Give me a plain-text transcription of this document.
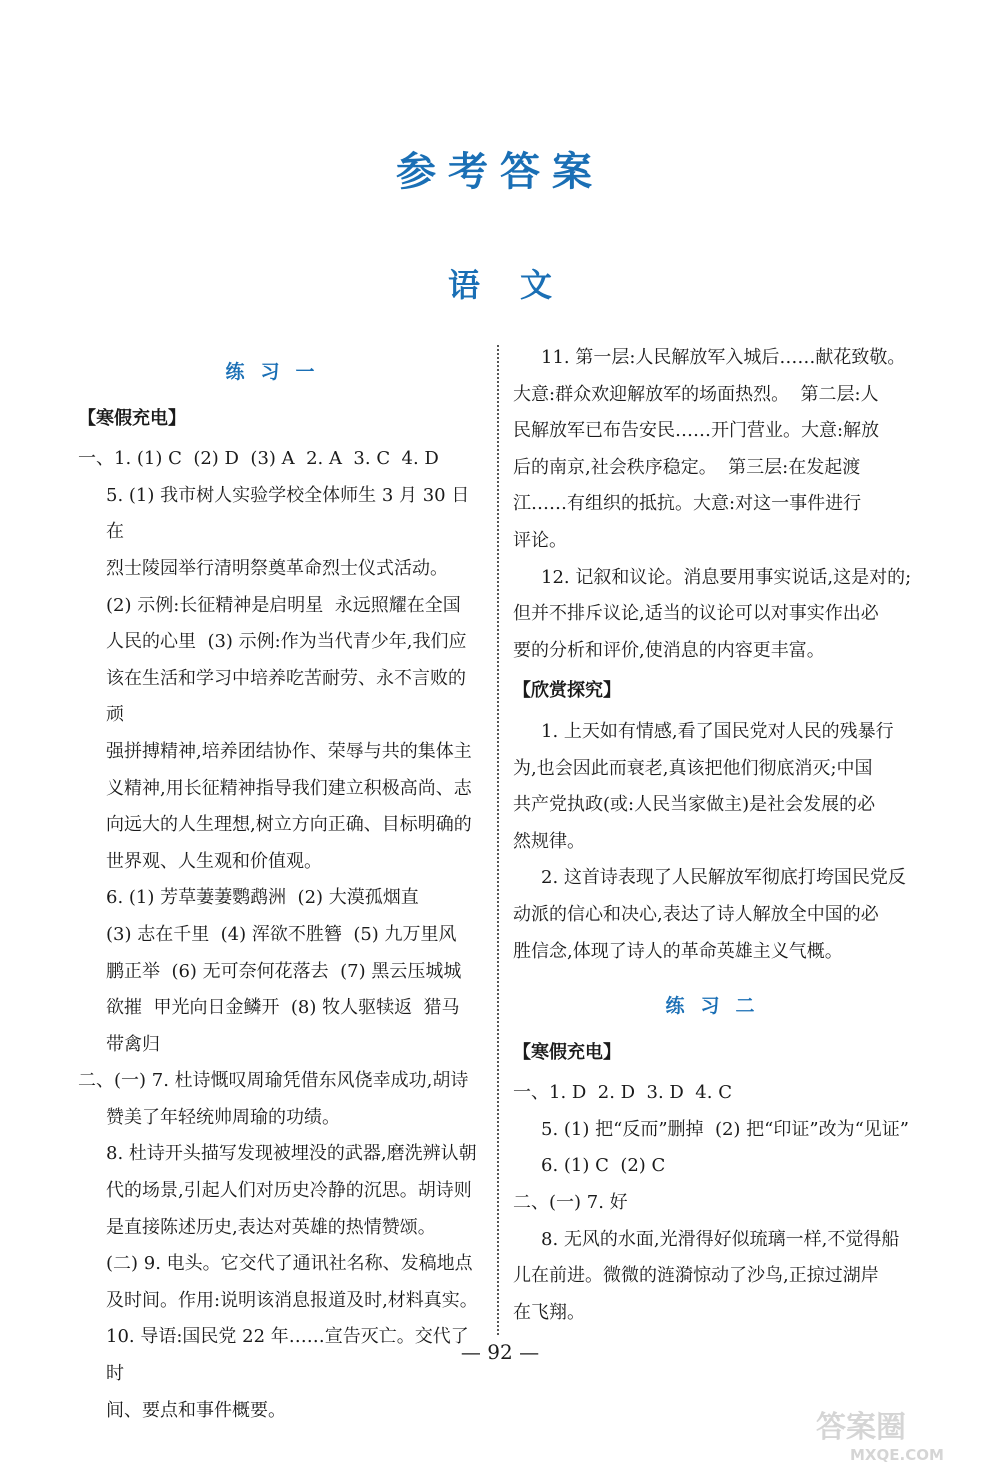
参考答案
语文
练习一
【寒假充电】
一、1. (1) C  (2) D  (3) A  2. A  3. C  4. D
5. (1) 我市树人实验学校全体师生 3 月 30 日在
烈士陵园举行清明祭奠革命烈士仪式活动。
(2) 示例:长征精神是启明星  永远照耀在全国
人民的心里  (3) 示例:作为当代青少年,我们应
该在生活和学习中培养吃苦耐劳、永不言败的顽
强拼搏精神,培养团结协作、荣辱与共的集体主
义精神,用长征精神指导我们建立积极高尚、志
向远大的人生理想,树立方向正确、目标明确的
世界观、人生观和价值观。
6. (1) 芳草萋萋鹦鹉洲  (2) 大漠孤烟直
(3) 志在千里  (4) 浑欲不胜簪  (5) 九万里风
鹏正举  (6) 无可奈何花落去  (7) 黑云压城城
欲摧  甲光向日金鳞开  (8) 牧人驱犊返  猎马
带禽归
二、(一) 7. 杜诗慨叹周瑜凭借东风侥幸成功,胡诗
赞美了年轻统帅周瑜的功绩。
8. 杜诗开头描写发现被埋没的武器,磨洗辨认朝
代的场景,引起人们对历史冷静的沉思。胡诗则
是直接陈述历史,表达对英雄的热情赞颂。
(二) 9. 电头。它交代了通讯社名称、发稿地点
及时间。作用:说明该消息报道及时,材料真实。
10. 导语:国民党 22 年……宣告灭亡。交代了时
间、要点和事件概要。
11. 第一层:人民解放军入城后……献花致敬。
大意:群众欢迎解放军的场面热烈。  第二层:人
民解放军已布告安民……开门营业。大意:解放
后的南京,社会秩序稳定。  第三层:在发起渡
江……有组织的抵抗。大意:对这一事件进行
评论。
12. 记叙和议论。消息要用事实说话,这是对的;
但并不排斥议论,适当的议论可以对事实作出必
要的分析和评价,使消息的内容更丰富。
【欣赏探究】
1. 上天如有情感,看了国民党对人民的残暴行
为,也会因此而衰老,真该把他们彻底消灭;中国
共产党执政(或:人民当家做主)是社会发展的必
然规律。
2. 这首诗表现了人民解放军彻底打垮国民党反
动派的信心和决心,表达了诗人解放全中国的必
胜信念,体现了诗人的革命英雄主义气概。
练习二
【寒假充电】
一、1. D  2. D  3. D  4. C
5. (1) 把“反而”删掉  (2) 把“印证”改为“见证”
6. (1) C  (2) C
二、(一) 7. 好
8. 无风的水面,光滑得好似琉璃一样,不觉得船
儿在前进。微微的涟漪惊动了沙鸟,正掠过湖岸
在飞翔。
— 92 —
答案圈
MXQE.COM
